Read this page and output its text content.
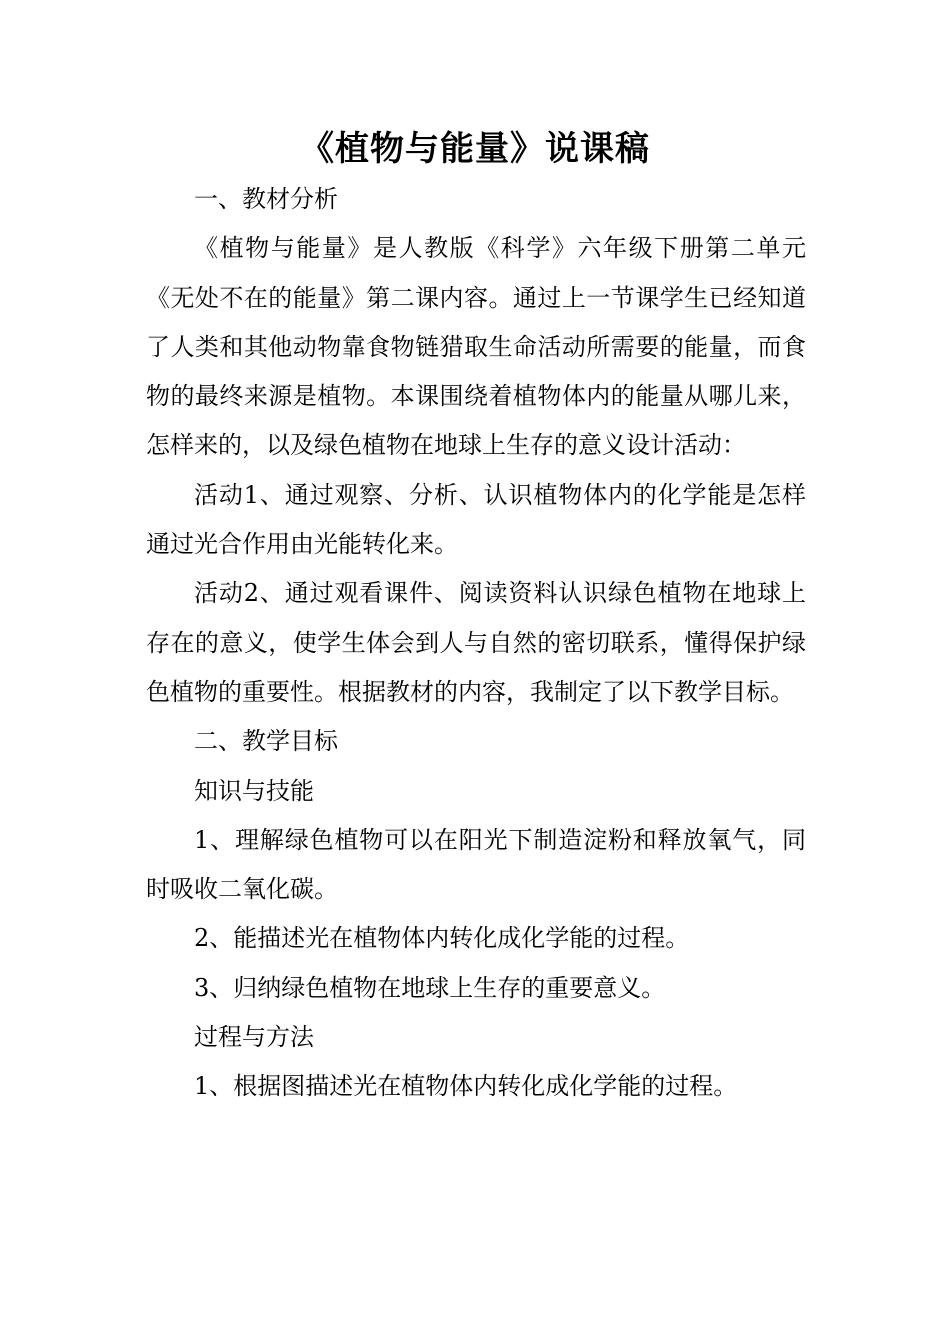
《植物与能量》说课稿

一、教材分析

《植物与能量》是人教版《科学》六年级下册第二单元《无处不在的能量》第二课内容。通过上一节课学生已经知道了人类和其他动物靠食物链猎取生命活动所需要的能量，而食物的最终来源是植物。本课围绕着植物体内的能量从哪儿来，怎样来的，以及绿色植物在地球上生存的意义设计活动：

活动1、通过观察、分析、认识植物体内的化学能是怎样通过光合作用由光能转化来。

活动2、通过观看课件、阅读资料认识绿色植物在地球上存在的意义，使学生体会到人与自然的密切联系，懂得保护绿色植物的重要性。根据教材的内容，我制定了以下教学目标。

二、教学目标

知识与技能

1、理解绿色植物可以在阳光下制造淀粉和释放氧气，同时吸收二氧化碳。

2、能描述光在植物体内转化成化学能的过程。

3、归纳绿色植物在地球上生存的重要意义。

过程与方法

1、根据图描述光在植物体内转化成化学能的过程。
